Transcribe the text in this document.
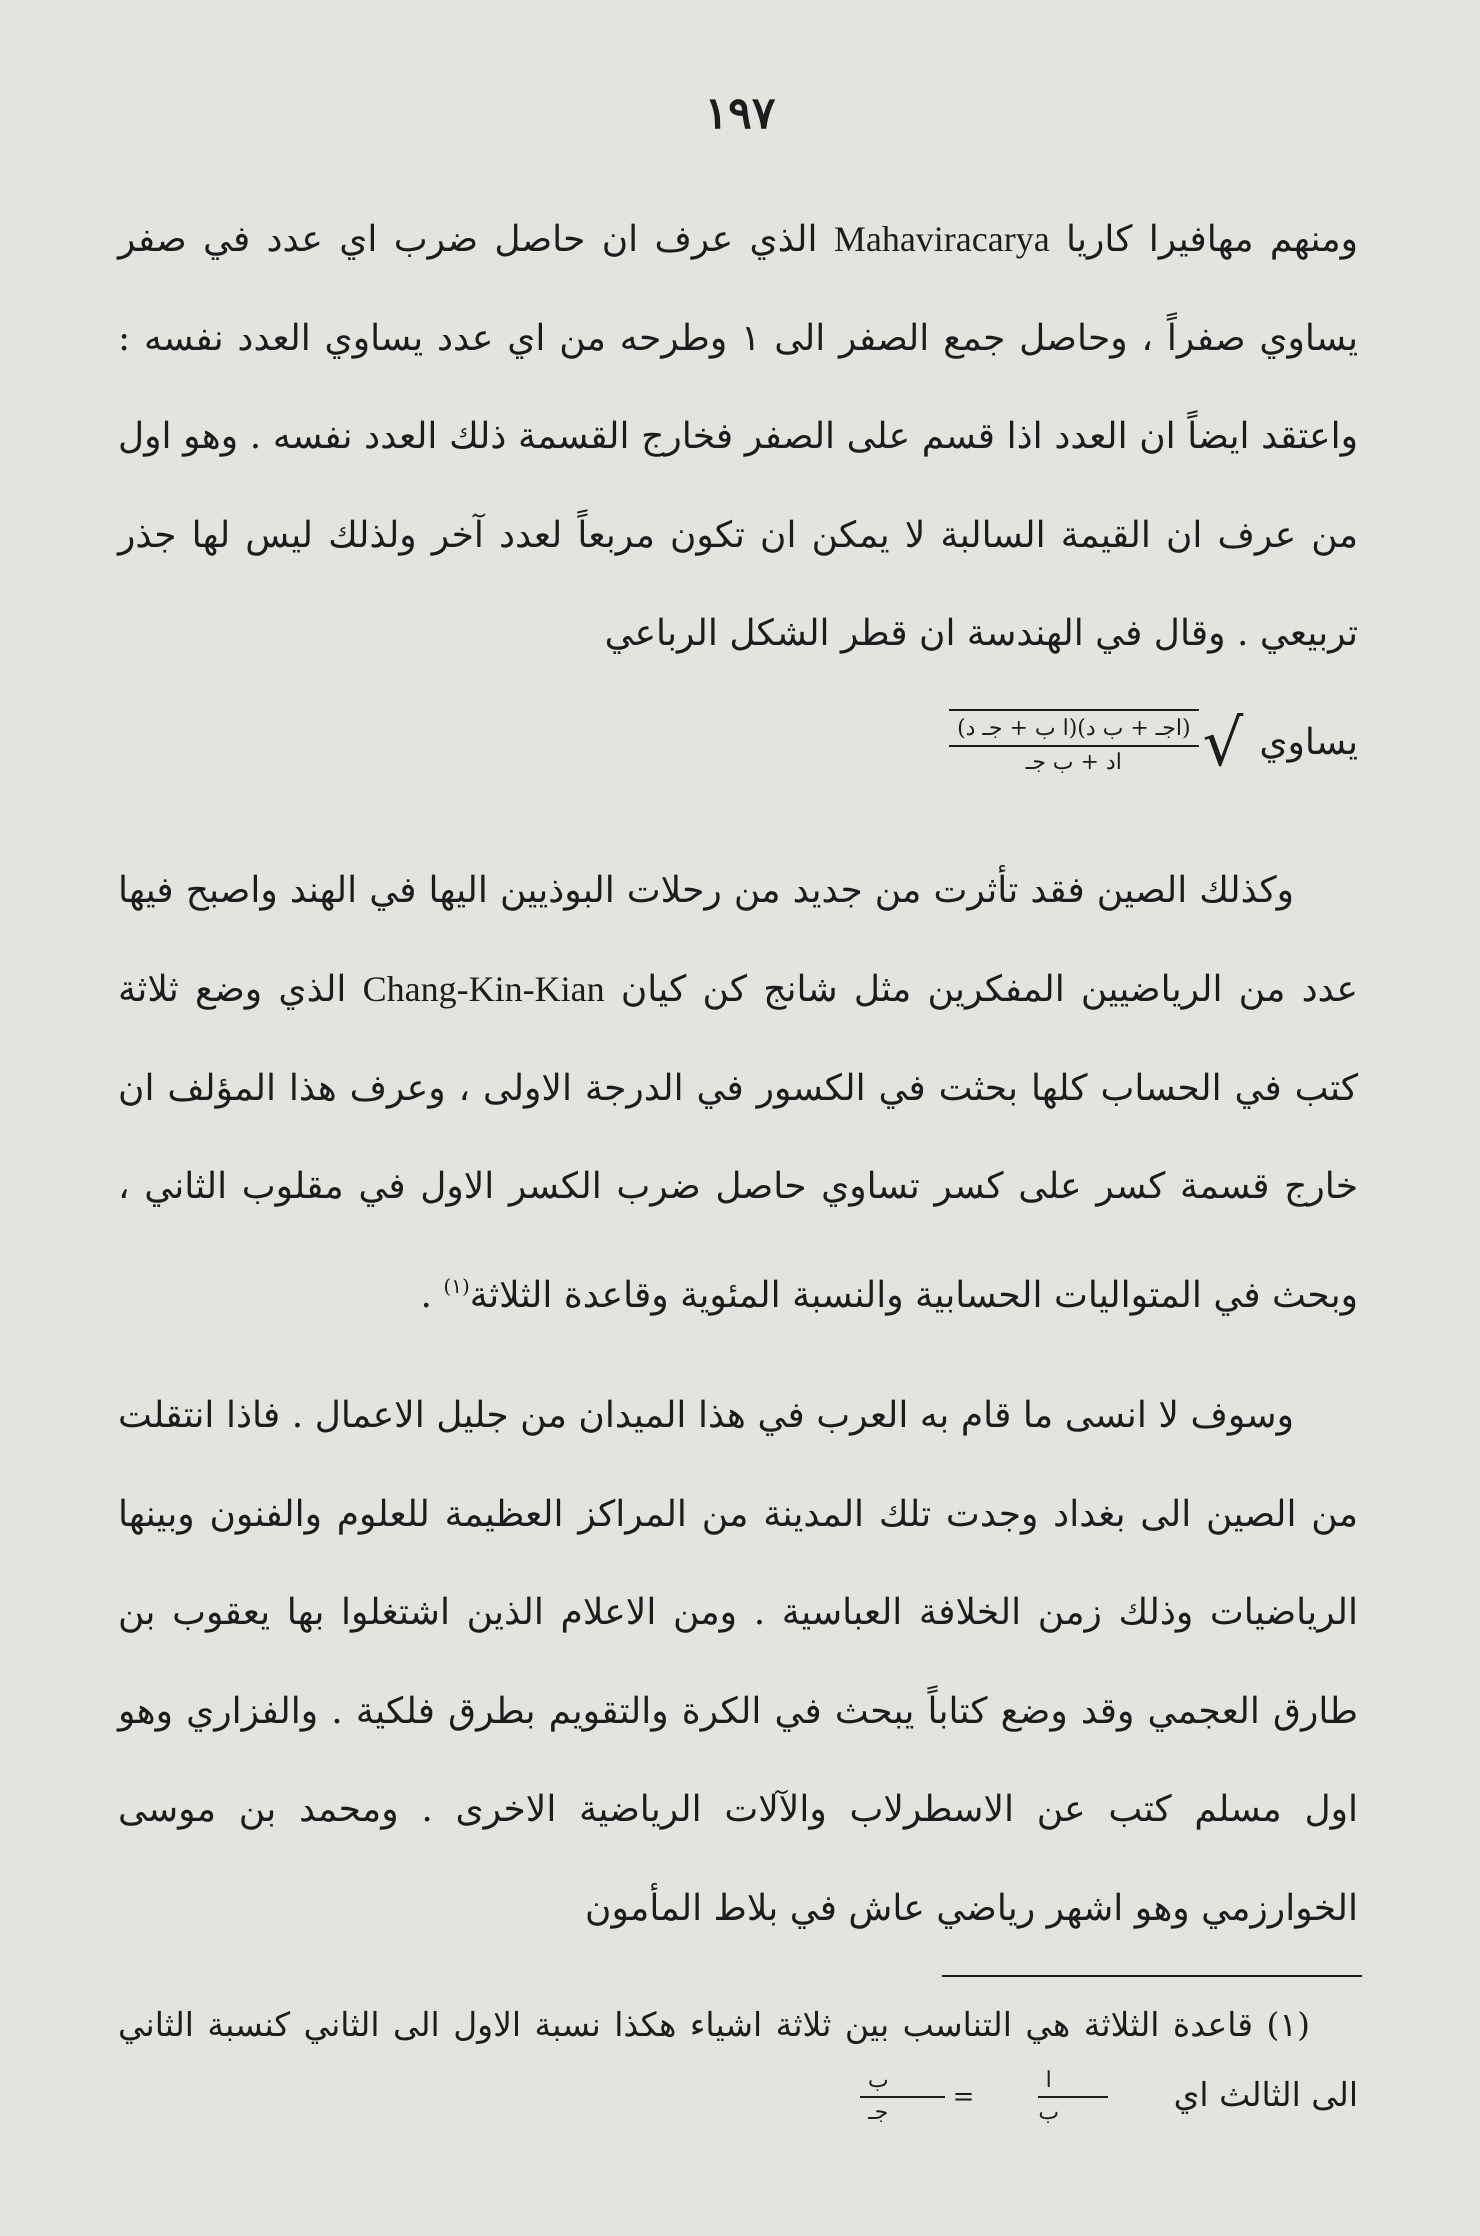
١٩٧

ومنهم مهافيرا كاريا Mahaviracarya الذي عرف ان حاصل ضرب اي عدد في صفر يساوي صفراً ، وحاصل جمع الصفر الى ١ وطرحه من اي عدد يساوي العدد نفسه : واعتقد ايضاً ان العدد اذا قسم على الصفر فخارج القسمة ذلك العدد نفسه . وهو اول من عرف ان القيمة السالبة لا يمكن ان تكون مربعاً لعدد آخر ولذلك ليس لها جذر تربيعي . وقال في الهندسة ان قطر الشكل الرباعي

يساوي
√
$\frac{\text{(اجـ + ب د)(ا ب + جـ د)}}{\text{اد + ب جـ}}$

وكذلك الصين فقد تأثرت من جديد من رحلات البوذيين اليها في الهند واصبح فيها عدد من الرياضيين المفكرين مثل شانج كن كيان Chang-Kin-Kian الذي وضع ثلاثة كتب في الحساب كلها بحثت في الكسور في الدرجة الاولى ، وعرف هذا المؤلف ان خارج قسمة كسر على كسر تساوي حاصل ضرب الكسر الاول في مقلوب الثاني ، وبحث في المتواليات الحسابية والنسبة المئوية وقاعدة الثلاثة$^{(١)}$ .

وسوف لا انسى ما قام به العرب في هذا الميدان من جليل الاعمال . فاذا انتقلت من الصين الى بغداد وجدت تلك المدينة من المراكز العظيمة للعلوم والفنون وبينها الرياضيات وذلك زمن الخلافة العباسية . ومن الاعلام الذين اشتغلوا بها يعقوب بن طارق العجمي وقد وضع كتاباً يبحث في الكرة والتقويم بطرق فلكية . والفزاري وهو اول مسلم كتب عن الاسطرلاب والآلات الرياضية الاخرى . ومحمد بن موسى الخوارزمي وهو اشهر رياضي عاش في بلاط المأمون

(١) قاعدة الثلاثة هي التناسب بين ثلاثة اشياء هكذا نسبة الاول الى الثاني كنسبة الثاني الى الثالث اي
$\frac{\text{ا}}{\text{ب}}$
=
$\frac{\text{ب}}{\text{جـ}}$
